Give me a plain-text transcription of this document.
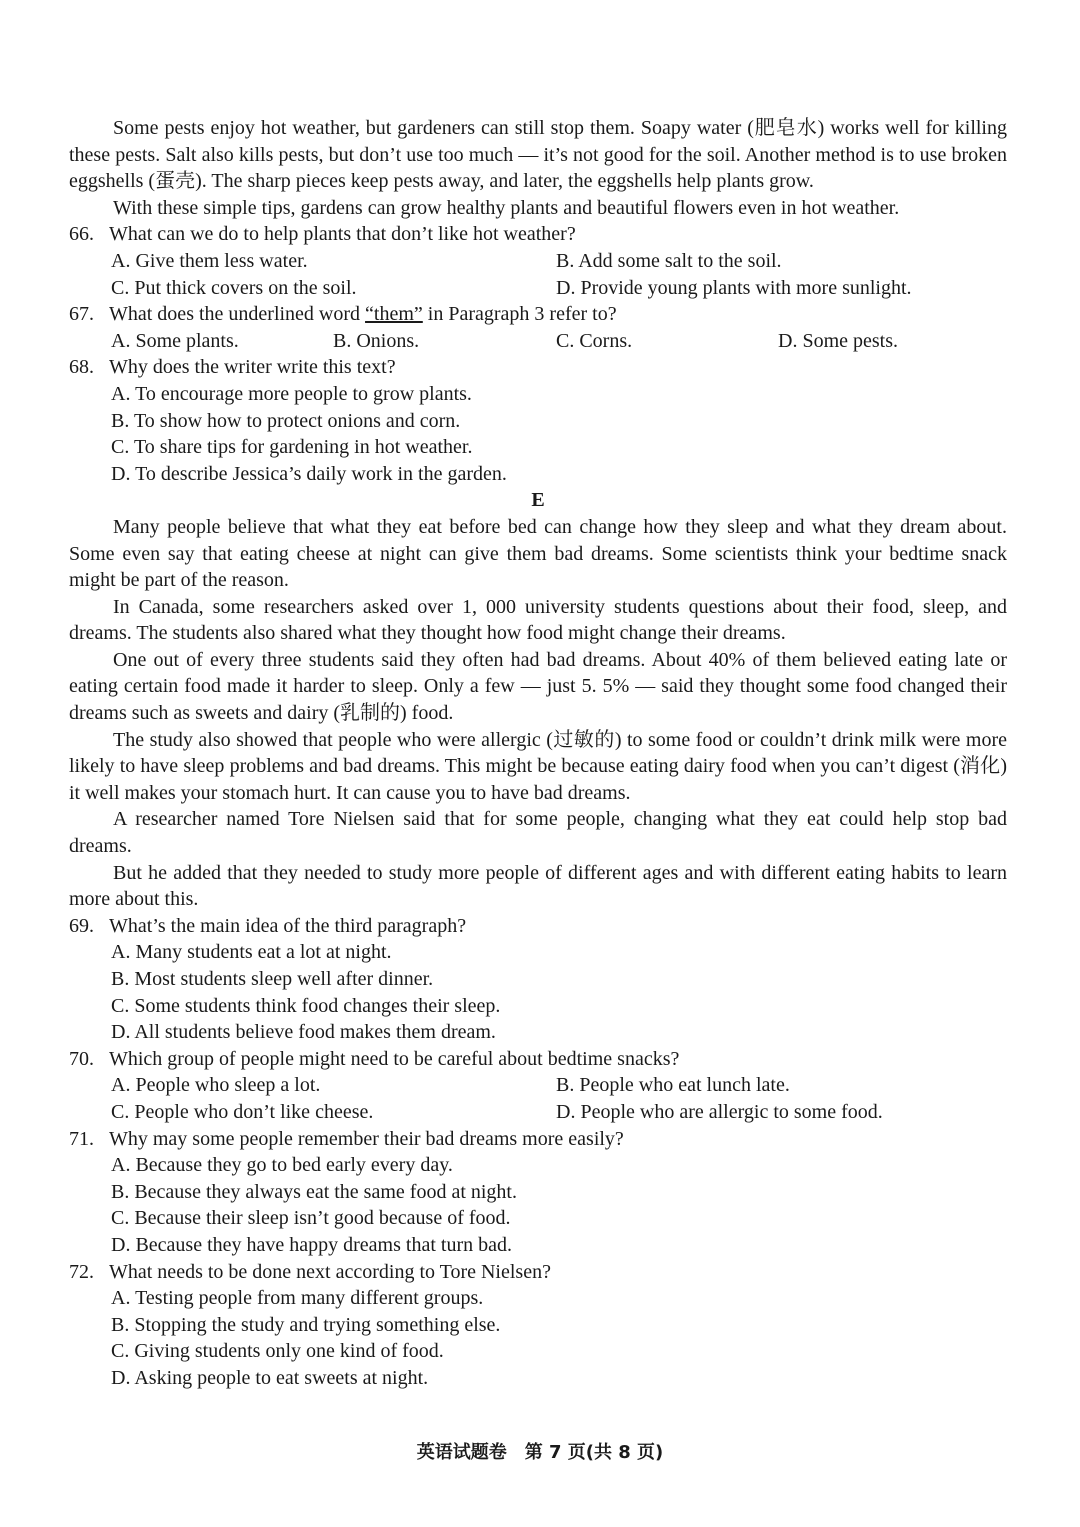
Some pests enjoy hot weather, but gardeners can still stop them. Soapy water (肥皂水) works well for killing these pests. Salt also kills pests, but don’t use too much — it’s not good for the soil. Another method is to use broken eggshells (蛋壳). The sharp pieces keep pests away, and later, the eggshells help plants grow.

With these simple tips, gardens can grow healthy plants and beautiful flowers even in hot weather.

66. What can we do to help plants that don’t like hot weather?

A. Give them less water.	B. Add some salt to the soil.

C. Put thick covers on the soil.	D. Provide young plants with more sunlight.

67. What does the underlined word “them” in Paragraph 3 refer to?

A. Some plants.	B. Onions.	C. Corns.	D. Some pests.

68. Why does the writer write this text?

A. To encourage more people to grow plants.

B. To show how to protect onions and corn.

C. To share tips for gardening in hot weather.

D. To describe Jessica’s daily work in the garden.

E

Many people believe that what they eat before bed can change how they sleep and what they dream about. Some even say that eating cheese at night can give them bad dreams. Some scientists think your bedtime snack might be part of the reason.

In Canada, some researchers asked over 1, 000 university students questions about their food, sleep, and dreams. The students also shared what they thought how food might change their dreams.

One out of every three students said they often had bad dreams. About 40% of them believed eating late or eating certain food made it harder to sleep. Only a few — just 5. 5% — said they thought some food changed their dreams such as sweets and dairy (乳制的) food.

The study also showed that people who were allergic (过敏的) to some food or couldn’t drink milk were more likely to have sleep problems and bad dreams. This might be because eating dairy food when you can’t digest (消化) it well makes your stomach hurt. It can cause you to have bad dreams.

A researcher named Tore Nielsen said that for some people, changing what they eat could help stop bad dreams.

But he added that they needed to study more people of different ages and with different eating habits to learn more about this.

69. What’s the main idea of the third paragraph?

A. Many students eat a lot at night.

B. Most students sleep well after dinner.

C. Some students think food changes their sleep.

D. All students believe food makes them dream.

70. Which group of people might need to be careful about bedtime snacks?

A. People who sleep a lot.	B. People who eat lunch late.

C. People who don’t like cheese.	D. People who are allergic to some food.

71. Why may some people remember their bad dreams more easily?

A. Because they go to bed early every day.

B. Because they always eat the same food at night.

C. Because their sleep isn’t good because of food.

D. Because they have happy dreams that turn bad.

72. What needs to be done next according to Tore Nielsen?

A. Testing people from many different groups.

B. Stopping the study and trying something else.

C. Giving students only one kind of food.

D. Asking people to eat sweets at night.

英语试题卷　第 7 页(共 8 页)
